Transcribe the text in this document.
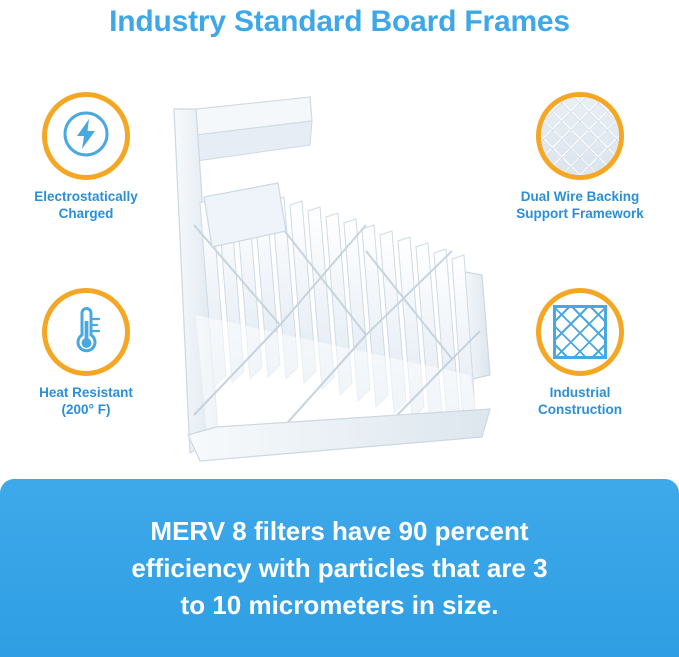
Industry Standard Board Frames
Electrostatically
Charged
Heat Resistant
(200° F)
Dual Wire Backing
Support Framework
Industrial
Construction
MERV 8 filters have 90 percent
efficiency with particles that are 3
to 10 micrometers in size.
